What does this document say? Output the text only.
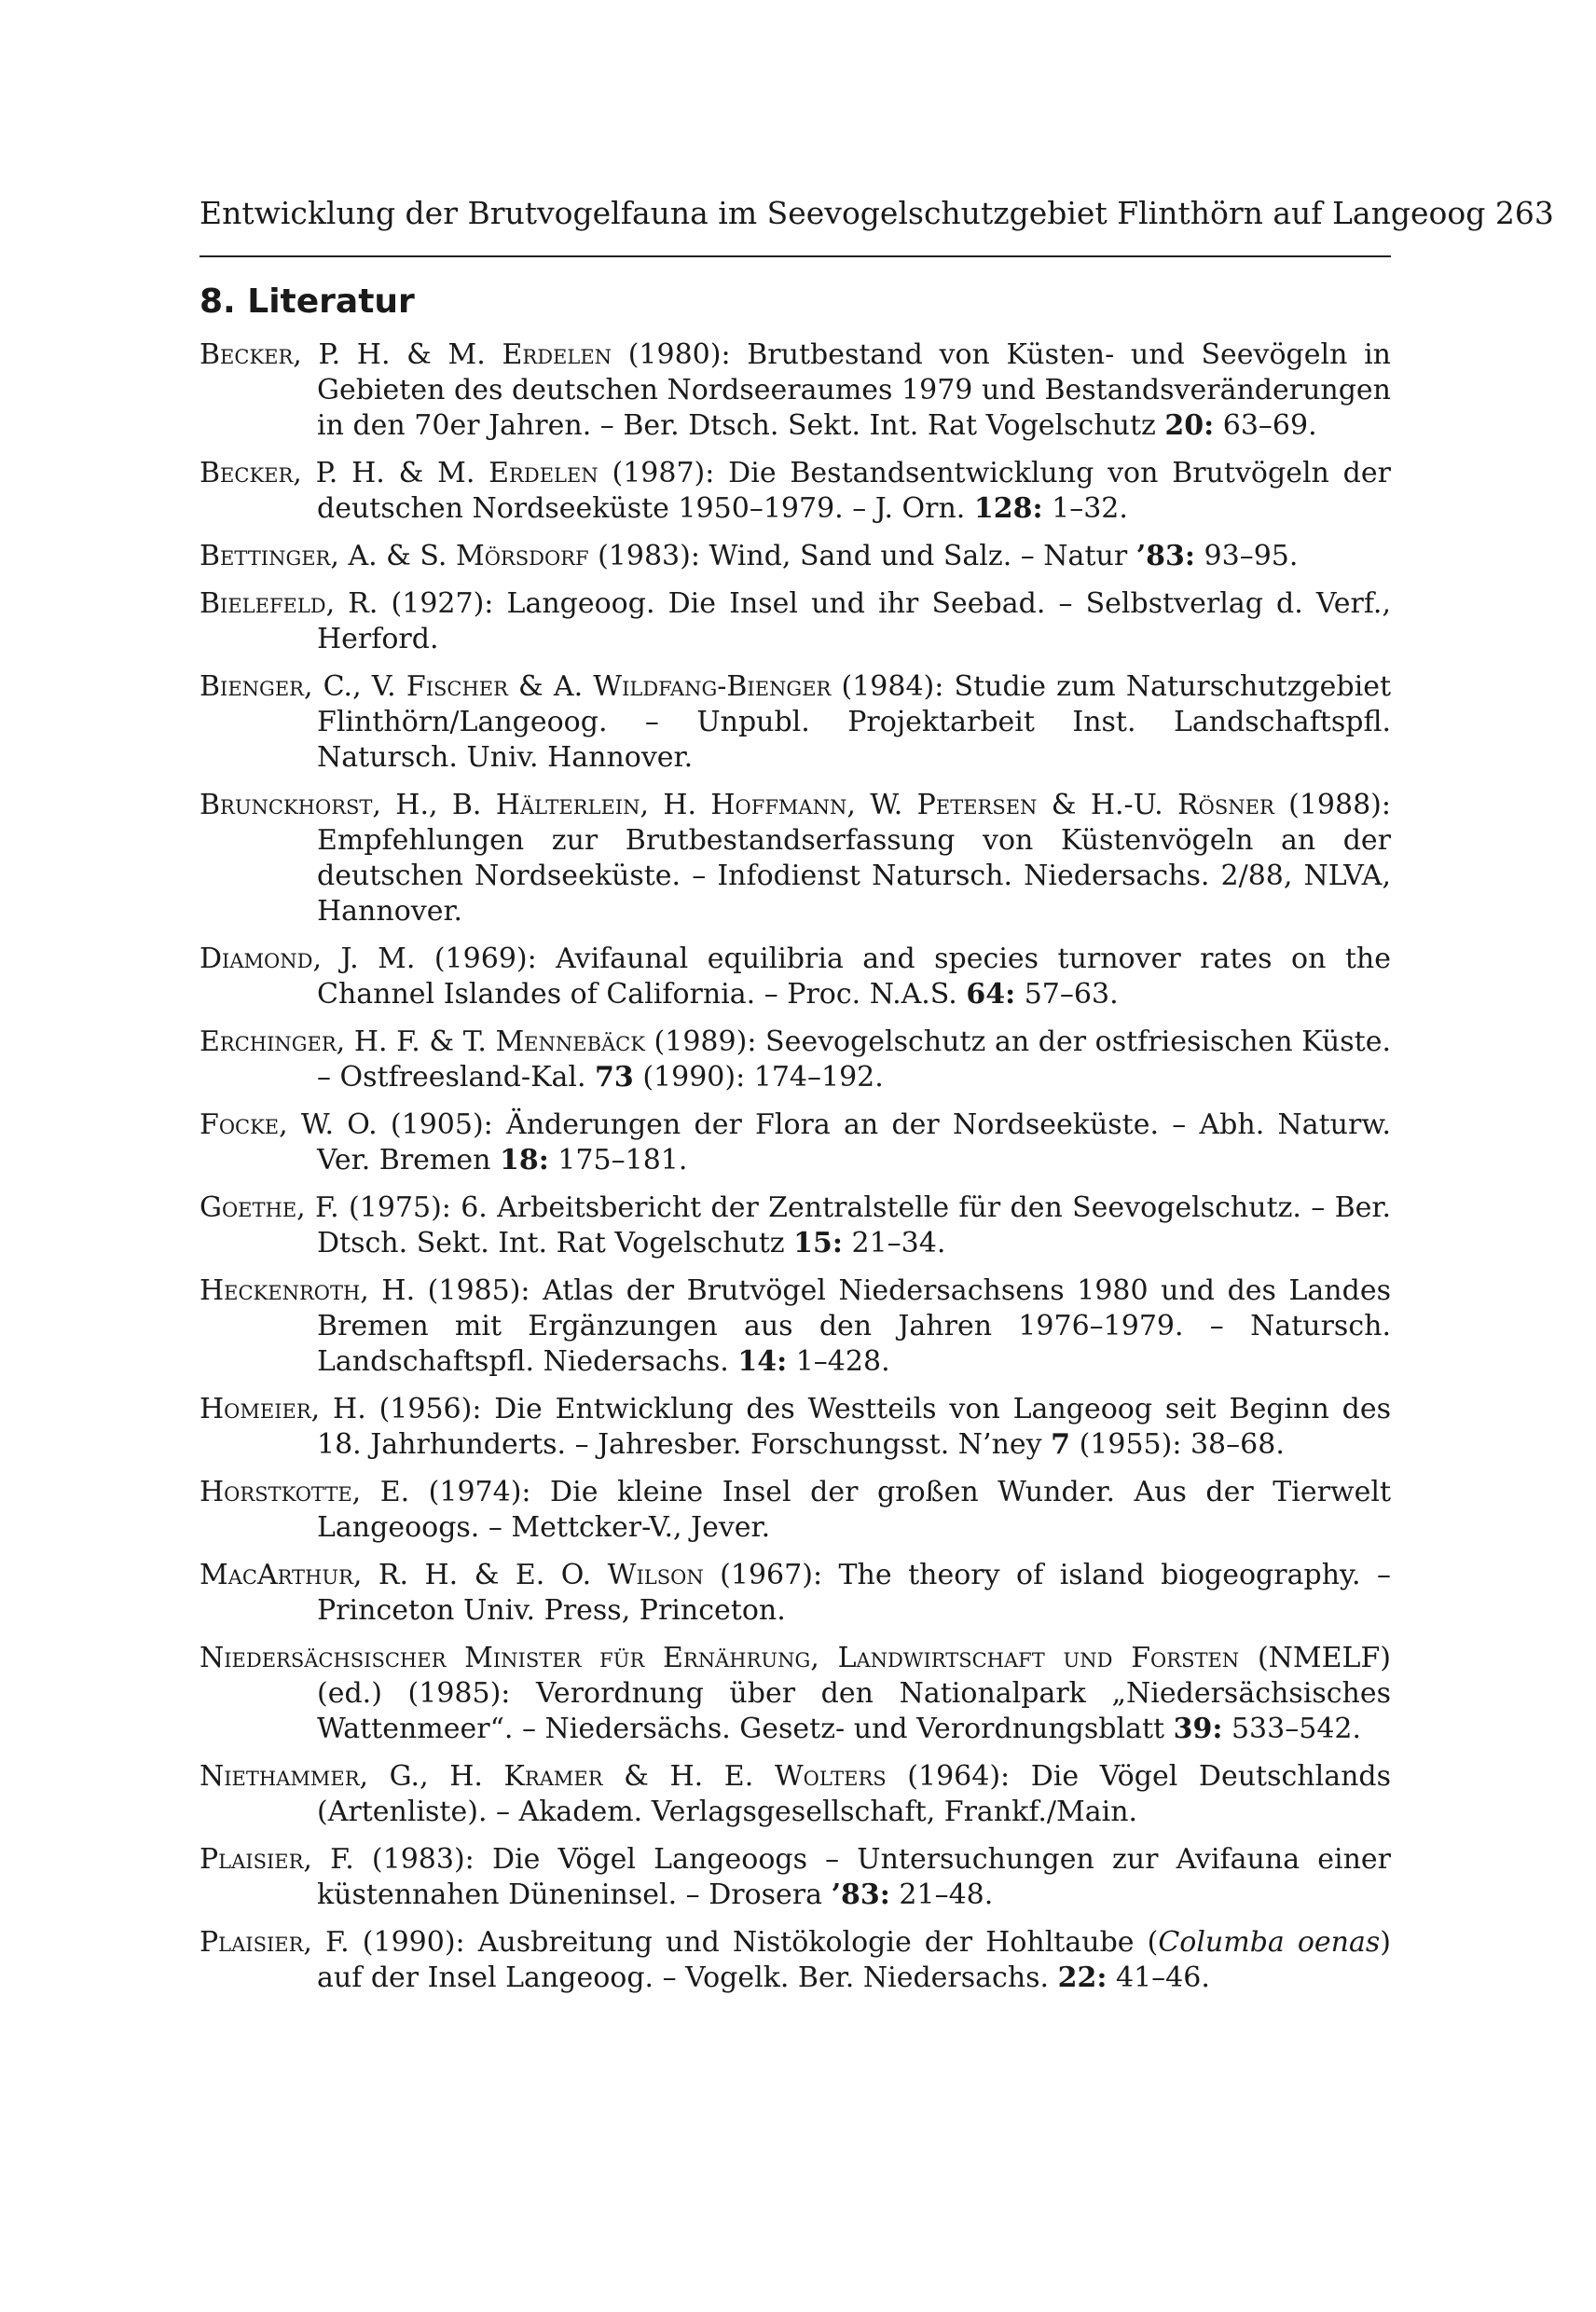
Entwicklung der Brutvogelfauna im Seevogelschutzgebiet Flinthörn auf Langeoog 263
8. Literatur

Becker, P. H. & M. Erdelen (1980): Brutbestand von Küsten- und Seevögeln in Gebieten des deutschen Nordseeraumes 1979 und Bestandsveränderungen in den 70er Jahren. – Ber. Dtsch. Sekt. Int. Rat Vogelschutz 20: 63–69.

Becker, P. H. & M. Erdelen (1987): Die Bestandsentwicklung von Brutvögeln der deutschen Nordseeküste 1950–1979. – J. Orn. 128: 1–32.

Bettinger, A. & S. Mörsdorf (1983): Wind, Sand und Salz. – Natur ’83: 93–95.

Bielefeld, R. (1927): Langeoog. Die Insel und ihr Seebad. – Selbstverlag d. Verf., Herford.

Bienger, C., V. Fischer & A. Wildfang-Bienger (1984): Studie zum Naturschutzgebiet Flinthörn/Langeoog. – Unpubl. Projektarbeit Inst. Landschaftspfl. Natursch. Univ. Hannover.

Brunckhorst, H., B. Hälterlein, H. Hoffmann, W. Petersen & H.-U. Rösner (1988): Empfehlungen zur Brutbestandserfassung von Küstenvögeln an der deutschen Nordseeküste. – Infodienst Natursch. Niedersachs. 2/88, NLVA, Hannover.

Diamond, J. M. (1969): Avifaunal equilibria and species turnover rates on the Channel Islandes of California. – Proc. N.A.S. 64: 57–63.

Erchinger, H. F. & T. Mennebäck (1989): Seevogelschutz an der ostfriesischen Küste. – Ostfreesland-Kal. 73 (1990): 174–192.

Focke, W. O. (1905): Änderungen der Flora an der Nordseeküste. – Abh. Naturw. Ver. Bremen 18: 175–181.

Goethe, F. (1975): 6. Arbeitsbericht der Zentralstelle für den Seevogelschutz. – Ber. Dtsch. Sekt. Int. Rat Vogelschutz 15: 21–34.

Heckenroth, H. (1985): Atlas der Brutvögel Niedersachsens 1980 und des Landes Bremen mit Ergänzungen aus den Jahren 1976–1979. – Natursch. Landschaftspfl. Niedersachs. 14: 1–428.

Homeier, H. (1956): Die Entwicklung des Westteils von Langeoog seit Beginn des 18. Jahrhunderts. – Jahresber. Forschungsst. N’ney 7 (1955): 38–68.

Horstkotte, E. (1974): Die kleine Insel der großen Wunder. Aus der Tierwelt Langeoogs. – Mettcker-V., Jever.

MacArthur, R. H. & E. O. Wilson (1967): The theory of island biogeography. – Princeton Univ. Press, Princeton.

Niedersächsischer Minister für Ernährung, Landwirtschaft und Forsten (NMELF) (ed.) (1985): Verordnung über den Nationalpark „Niedersächsisches Wattenmeer“. – Niedersächs. Gesetz- und Verordnungsblatt 39: 533–542.

Niethammer, G., H. Kramer & H. E. Wolters (1964): Die Vögel Deutschlands (Artenliste). – Akadem. Verlagsgesellschaft, Frankf./Main.

Plaisier, F. (1983): Die Vögel Langeoogs – Untersuchungen zur Avifauna einer küstennahen Düneninsel. – Drosera ’83: 21–48.

Plaisier, F. (1990): Ausbreitung und Nistökologie der Hohltaube (Columba oenas) auf der Insel Langeoog. – Vogelk. Ber. Niedersachs. 22: 41–46.
